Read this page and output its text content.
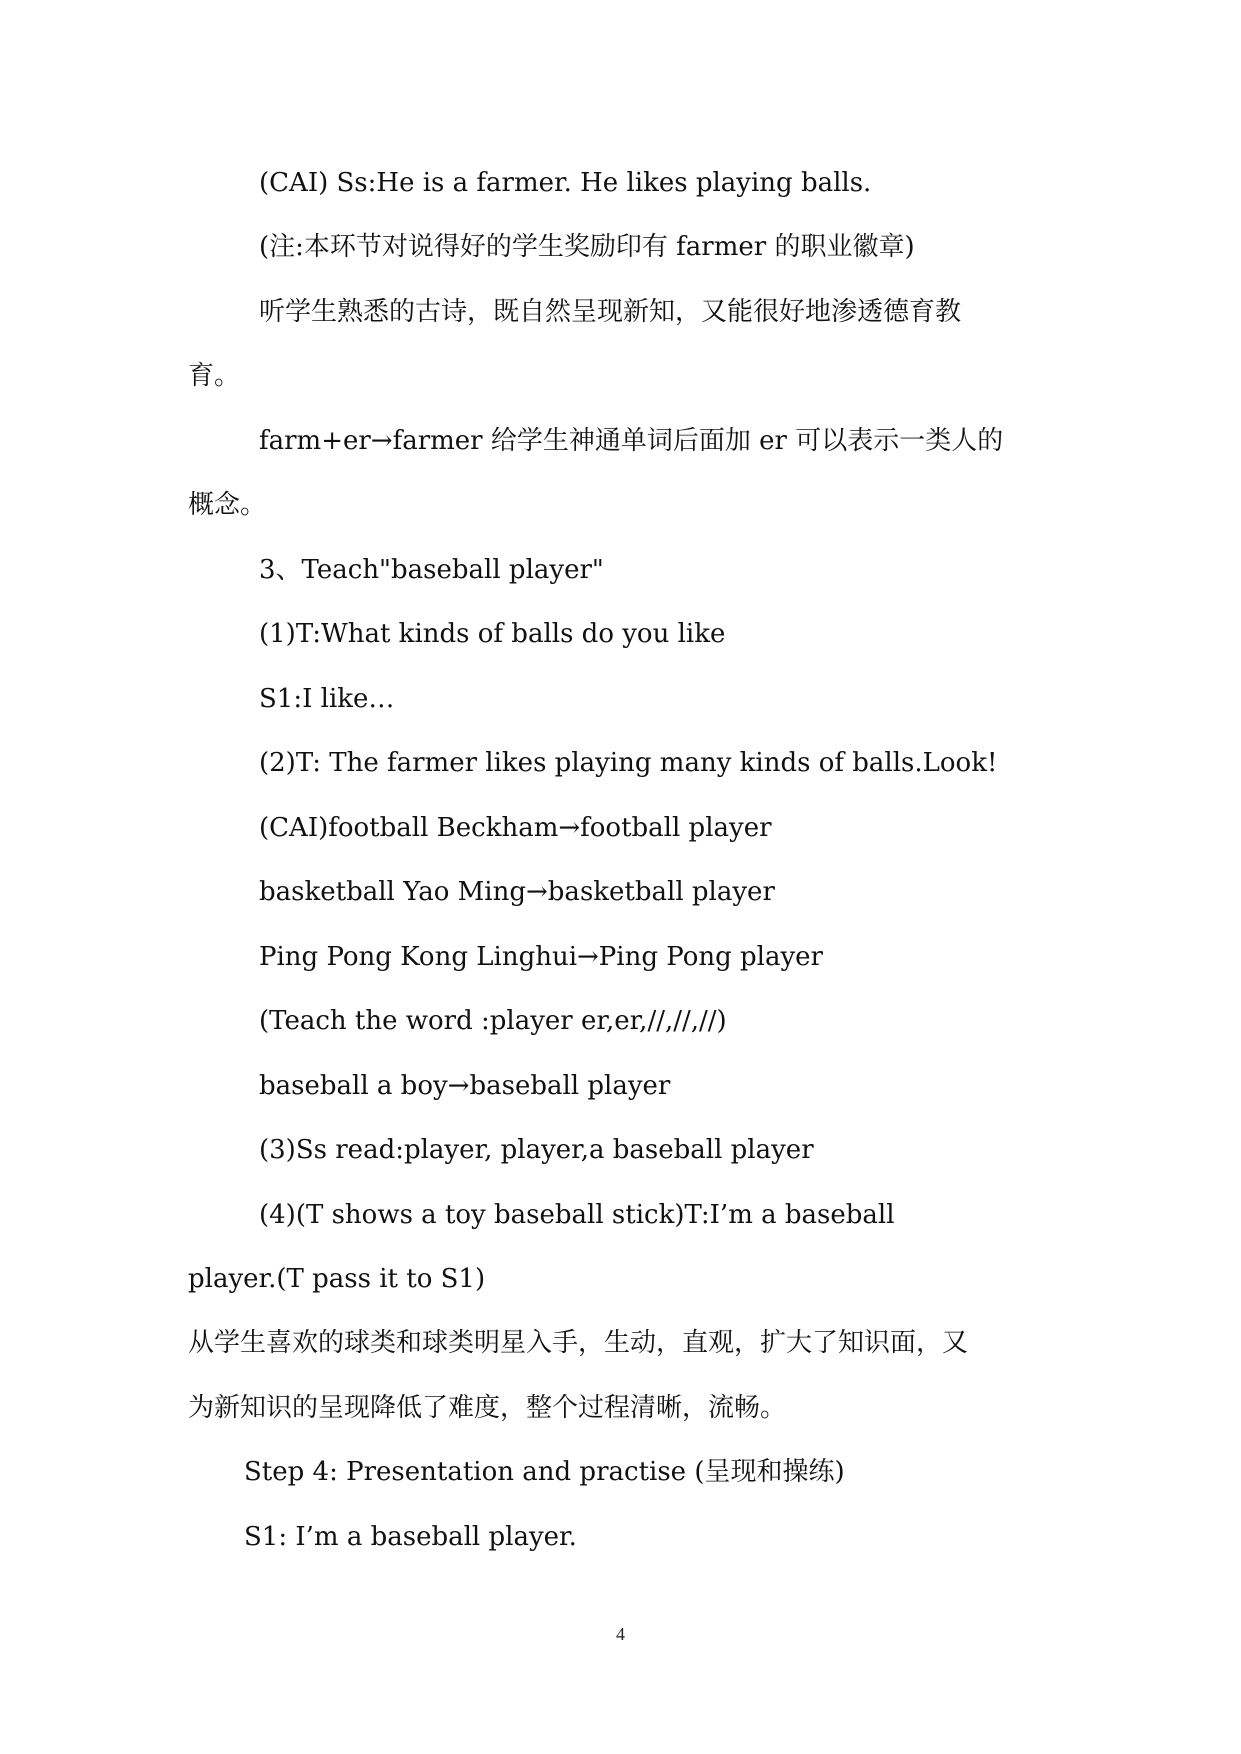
(CAI) Ss:He is a farmer. He likes playing balls.
(注:本环节对说得好的学生奖励印有 farmer 的职业徽章)
听学生熟悉的古诗，既自然呈现新知，又能很好地渗透德育教
育。
farm+er→farmer 给学生神通单词后面加 er 可以表示一类人的
概念。
3、Teach"baseball player"
(1)T:What kinds of balls do you like
S1:I like…
(2)T: The farmer likes playing many kinds of balls.Look!
(CAI)football Beckham→football player
basketball Yao Ming→basketball player
Ping Pong Kong Linghui→Ping Pong player
(Teach the word :player er,er,//,//,//)
baseball a boy→baseball player
(3)Ss read:player, player,a baseball player
(4)(T shows a toy baseball stick)T:I’m a baseball
player.(T pass it to S1)
从学生喜欢的球类和球类明星入手，生动，直观，扩大了知识面，又
为新知识的呈现降低了难度，整个过程清晰，流畅。
Step 4: Presentation and practise (呈现和操练)
S1: I’m a baseball player.
4
